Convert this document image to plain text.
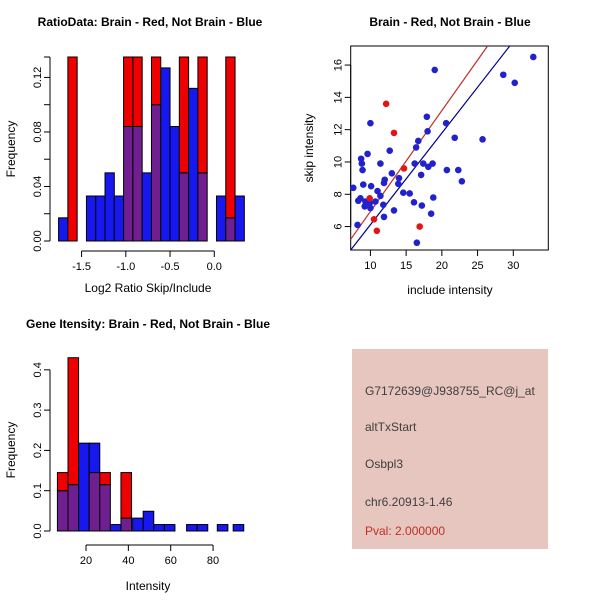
RatioData: Brain - Red, Not Brain - Blue
Log2 Ratio Skip/Include
Frequency
-1.5 -1.0 -0.5 0.0
0.00
0.04
0.08
0.12
Brain - Red, Not Brain - Blue
include intensity
skip intensity
10 15 20 25 30
6
8
10
12
14
16
Gene Itensity: Brain - Red, Not Brain - Blue
Intensity
Frequency
20	40	60	80
0.0
0.1
0.2
0.3
0.4
G7172639@J938755_RC@j_at
altTxStart
Osbpl3
chr6.20913-1.46
Pval: 2.000000
